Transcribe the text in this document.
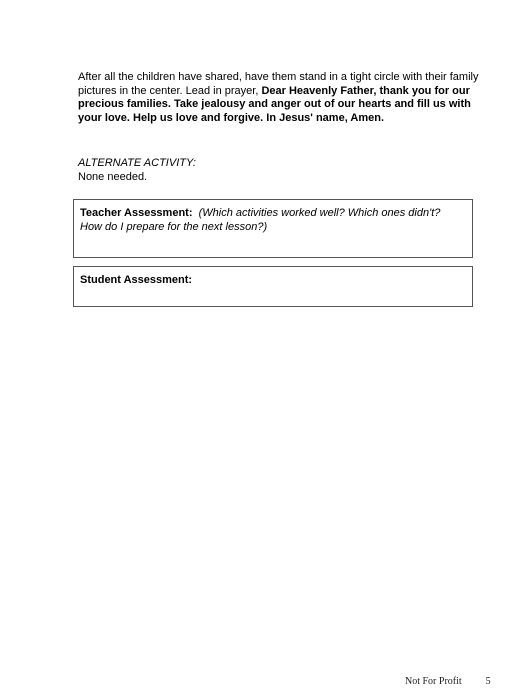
After all the children have shared, have them stand in a tight circle with their family pictures in the center. Lead in prayer, Dear Heavenly Father, thank you for our precious families. Take jealousy and anger out of our hearts and fill us with your love. Help us love and forgive. In Jesus' name, Amen.

ALTERNATE ACTIVITY:
None needed.
Teacher Assessment: (Which activities worked well? Which ones didn't? How do I prepare for the next lesson?)
Student Assessment:
Not For Profit 5
